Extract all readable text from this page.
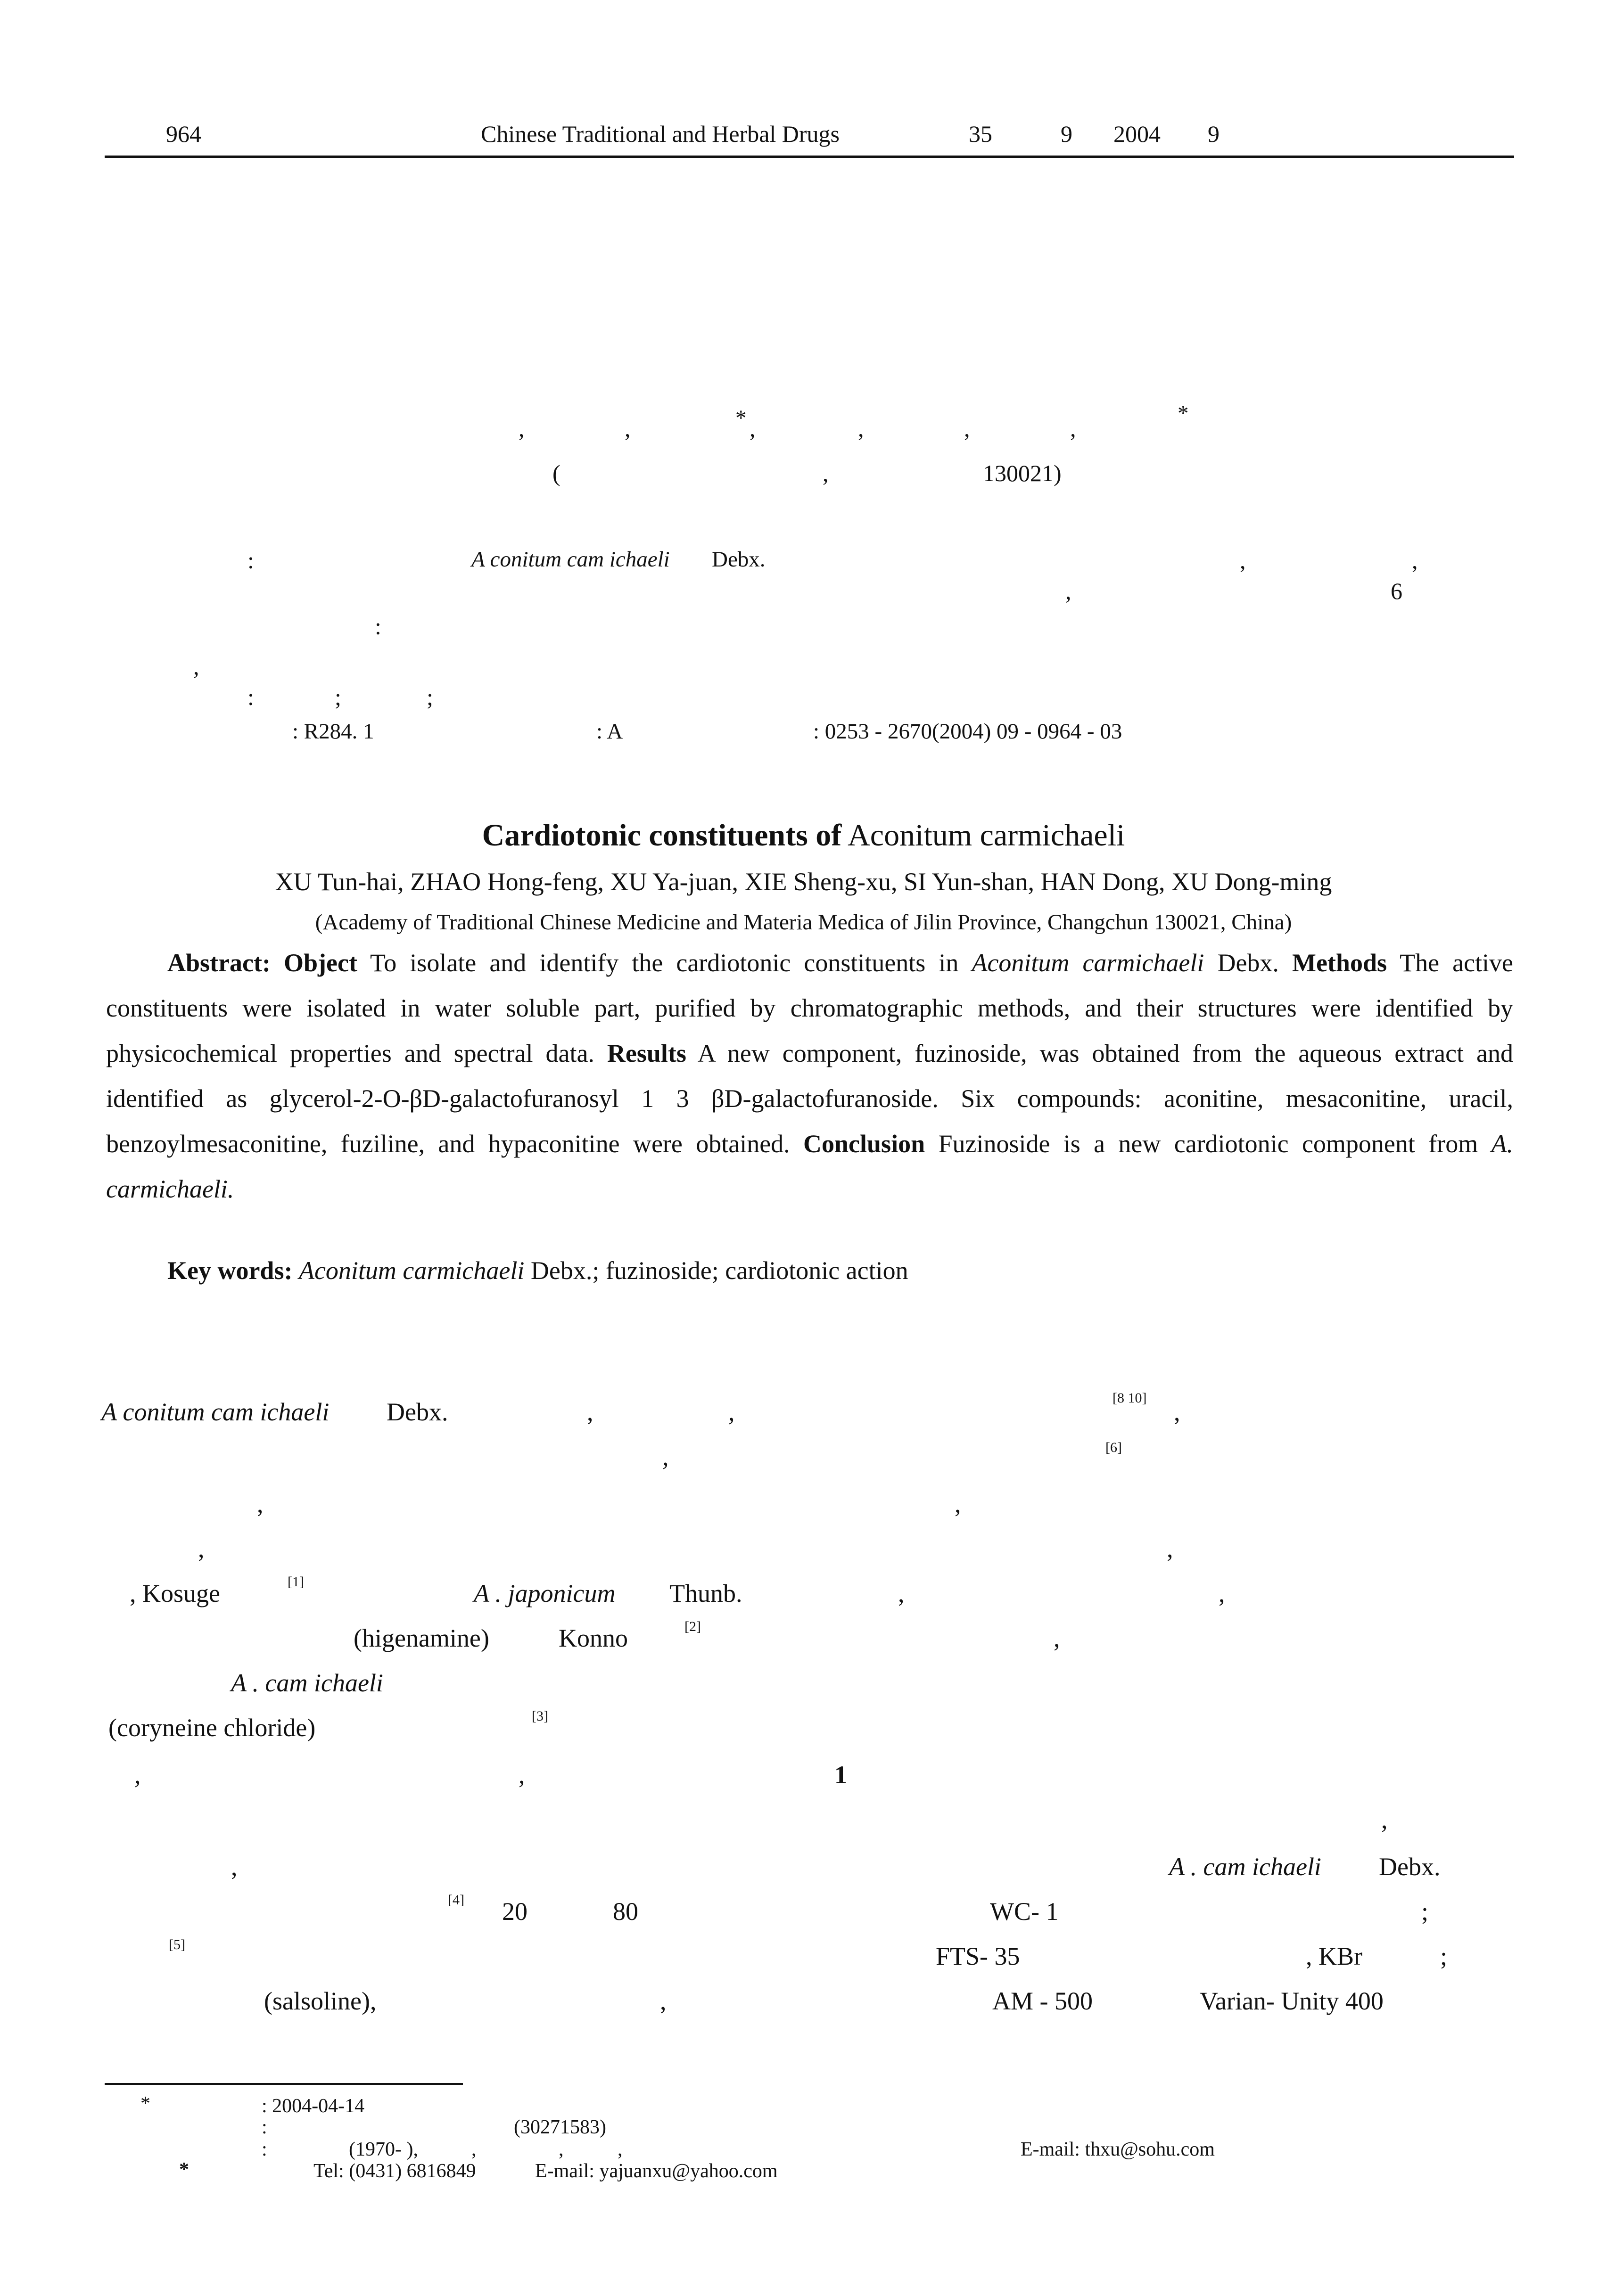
964	Chinese Traditional and Herbal Drugs	35	9 2004 9
,	,	* ,	,	,	,
*
(	,	130021)
:	A conitum cam ichaeli Debx.	,	,
,	6
:
,
:	;	;
: R284. 1	: A	: 0253 - 2670(2004) 09 - 0964 - 03
Cardiotonic constituents of Aconitum carmichaeli
XU Tun-hai, ZHAO Hong-feng, XU Ya-juan, XIE Sheng-xu, SI Yun-shan, HAN Dong, XU Dong-ming
(Academy of Traditional Chinese Medicine and Materia Medica of Jilin Province, Changchun 130021, China)
Abstract: Object To isolate and identify the cardiotonic constituents in Aconitum carmichaeli Debx. Methods The active constituents were isolated in water soluble part, purified by chromatographic methods, and their structures were identified by physicochemical properties and spectral data. Results A new component, fuzinoside, was obtained from the aqueous extract and identified as glycerol-2-O-βD-galactofuranosyl 1 3 βD-galactofuranoside. Six compounds: aconitine, mesaconitine, uracil, benzoylmesaconitine, fuziline, and hypaconitine were obtained. Conclusion Fuzinoside is a new cardiotonic component from A. carmichaeli.
Key words: Aconitum carmichaeli Debx.; fuzinoside; cardiotonic action
A conitum cam ichaeli Debx.	,	,	[8 10] ,
,	[6]
,	,
,	,
, Kosuge	[1]	A . japonicum Thunb.	,	,
(higenamine)	Konno	[2]	,
A . cam ichaeli
(coryneine chloride)	[3]
,	,	1
,
,	A . cam ichaeli Debx.
[4] 20	80	WC- 1	;
[5]	FTS- 35	, KBr	;
(salsoline),	,	AM - 500	Varian- Unity 400
*	: 2004-04-14
:	(30271583)
:	(1970- ),	,	,	,	E-mail: thxu@sohu.com
*	Tel: (0431) 6816849	E-mail: yajuanxu@yahoo.com
